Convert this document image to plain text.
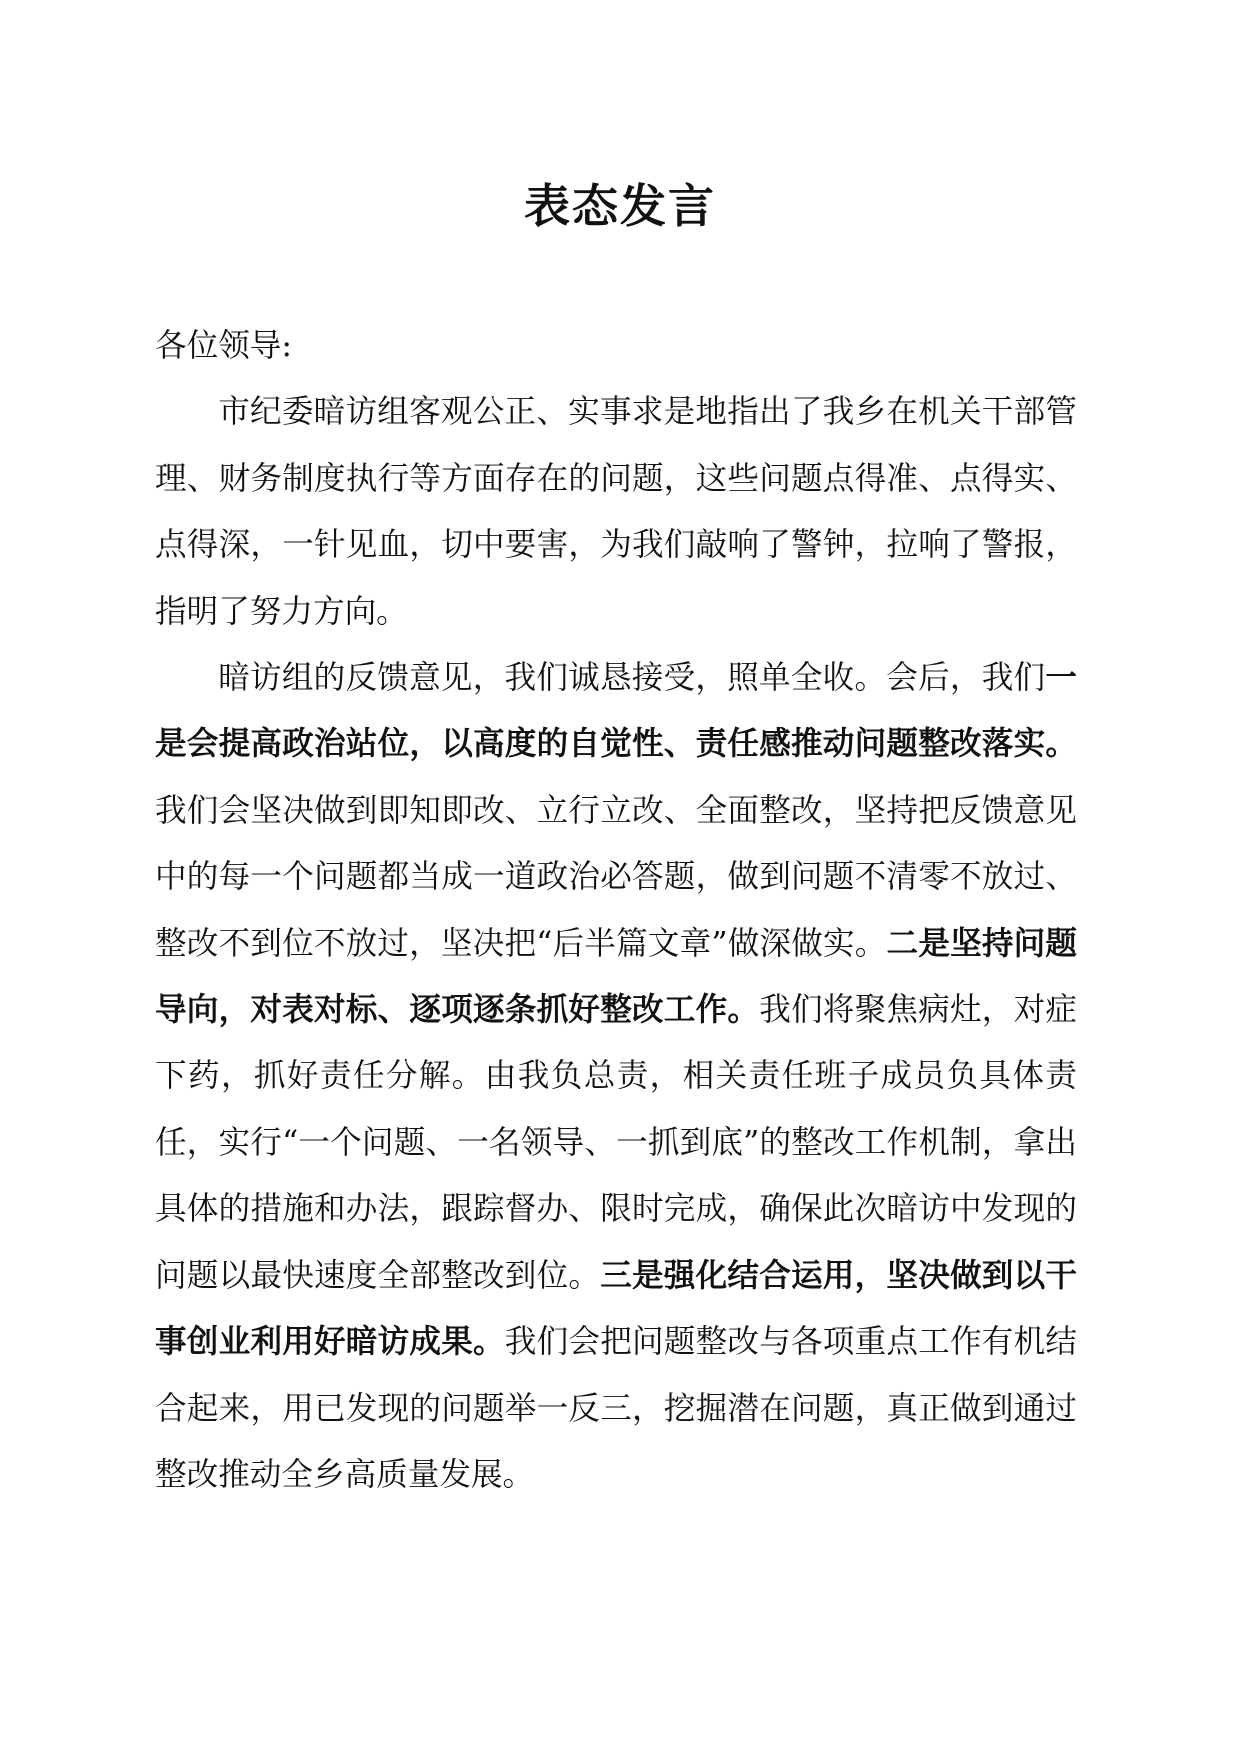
表态发言

各位领导:

市纪委暗访组客观公正、实事求是地指出了我乡在机关干部管理、财务制度执行等方面存在的问题，这些问题点得准、点得实、点得深，一针见血，切中要害，为我们敲响了警钟，拉响了警报，指明了努力方向。

暗访组的反馈意见，我们诚恳接受，照单全收。会后，我们一是会提高政治站位，以高度的自觉性、责任感推动问题整改落实。我们会坚决做到即知即改、立行立改、全面整改，坚持把反馈意见中的每一个问题都当成一道政治必答题，做到问题不清零不放过、整改不到位不放过，坚决把“后半篇文章”做深做实。二是坚持问题导向，对表对标、逐项逐条抓好整改工作。我们将聚焦病灶，对症下药，抓好责任分解。由我负总责，相关责任班子成员负具体责任，实行“一个问题、一名领导、一抓到底”的整改工作机制，拿出具体的措施和办法，跟踪督办、限时完成，确保此次暗访中发现的问题以最快速度全部整改到位。三是强化结合运用，坚决做到以干事创业利用好暗访成果。我们会把问题整改与各项重点工作有机结合起来，用已发现的问题举一反三，挖掘潜在问题，真正做到通过整改推动全乡高质量发展。
